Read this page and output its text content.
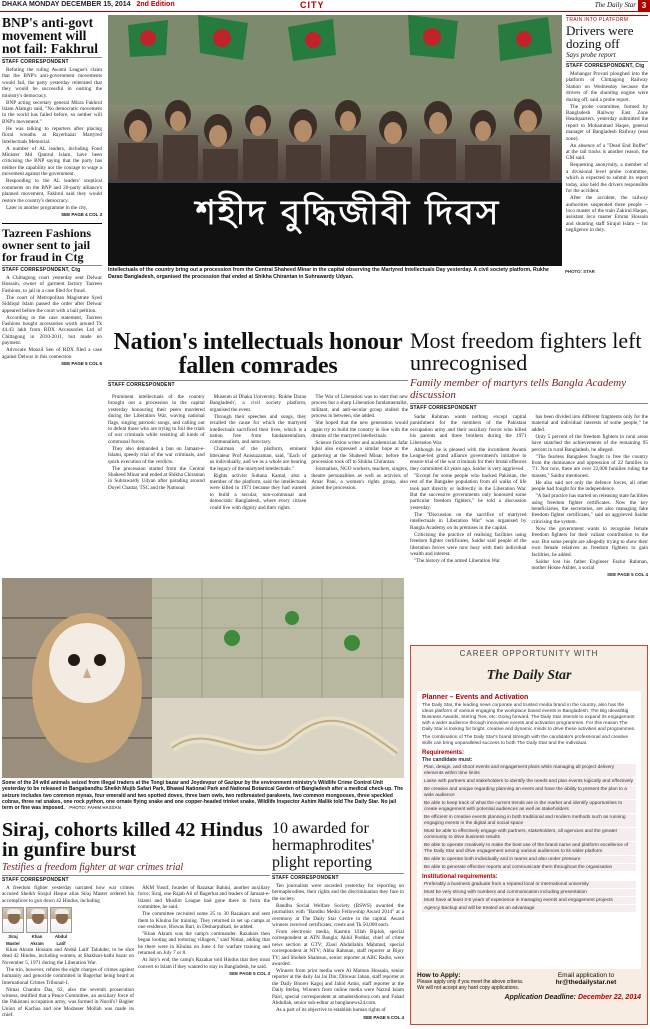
DHAKA MONDAY DECEMBER 15, 2014 2nd Edition	CITY	The Daily Star 3
BNP's anti-govt movement will not fail: Fakhrul
STAFF CORRESPONDENT

Refuting the ruling Awami League's claim that the BNP's anti-government movements would fail, the party yesterday reiterated that they would be successful in ousting the ministry's democracy.

BNP acting secretary general Mirza Fakhrul Islam Alamgir said, "No democratic movement in the world has failed before, so neither will BNP's movement."

He was talking to reporters after placing floral wreaths at Rayerbazar Martyred Intellectuals Memorial.

A number of AL leaders, including Food Minister Md Qamrul Islam, have been criticising the BNP saying that the party has neither the capability nor the courage to wage a movement against the government.

Responding to the AL leaders' sceptical comments on the BNP and 20-party alliance's planned movement, Fakhrul said they would restore the country's democracy.

Later in another programme in the city,

SEE PAGE 4 COL 3
Tazreen Fashions owner sent to jail for fraud in Ctg
STAFF CORRESPONDENT, Ctg

A Chittagong court yesterday sent Delwar Hossain, owner of garment factory Tazreen Fashions, to jail in a case filed for fraud.

The court of Metropolitan Magistrate Syed Siddiqul Islam passed the order after Delwar appeared before the court with a bail petition.

According to the case statement, Tazreen Fashions bought accessories worth around Tk 44.43 lakh from RDX Accessories Ltd of Chittagong in 2010-2011, but made no payment.

Advocate Monzil Sen of RDX filed a case against Delwar in this connection

SEE PAGE 5 COL 6
শহীদ বুদ্ধিজীবী দিবস
Intellectuals of the country bring out a procession from the Central Shaheed Minar in the capital observing the Martyred Intellectuals Day yesterday. A civil society platform, Rukhe Darao Bangladesh, organised the procession that ended at Shikha Chirantan in Suhrawardy Udyan.
PHOTO: STAR
TRAIN INTO PLATFORM
Drivers were dozing off
Says probe report
STAFF CORRESPONDENT, Ctg

Mohangar Provati ploughed into the platform of Chittagong Railway Station on Wednesday because the drivers of the shunting engine were dozing off, said a probe report.

The probe committee, formed by Bangladesh Railway East Zone Headquarters, yesterday submitted the report to Mohammad Haque, general manager of Bangladesh Railway (east zone).

An absence of a "Dead End Buffer" at the rail tracks is another reason, the GM said.

Requesting anonymity, a member of a divisional level probe committee, which is expected to submit its report today, also held the drivers responsible for the accident.

After the accident, the railway authorities suspended three people -- loco master of the train Zakirul Haque, assistant loco master Emran Hossain and shunting staff Sirajul Islam -- for negligence in duty.

Nation's intellectuals honour fallen comrades
STAFF CORRESPONDENT

Prominent intellectuals of the country brought out a procession in the capital yesterday honouring their peers murdered during the Liberation War, waving national flags, singing patriotic songs, and calling out to defeat those who are trying to foil the trials of war criminals while resisting all kinds of communal forces.

They also demanded a ban on Jamaat-e-Islami, speedy trial of the war criminals, and quick execution of the verdicts.

The procession started from the Central Shaheed Minar and ended at Shikha Chirantan in Suhrawardy Udyan after parading around Doyel Chattar, TSC and the National

Museum at Dhaka University. 'Rukhe Darao Bangladesh', a civil society platform, organised the event.

Through their speeches and songs, they recalled the cause for which the martyred intellectuals sacrificed their lives, which is a nation free from fundamentalism, communalism, and autocracy.

Chairman of the platform, eminent litterateur Prof Anisuzzaman, said, "Each of us individually, and we as a whole are bearing the legacy of the martyred intellectuals."

Rights activist Sultana Kamal, also a member of the platform, said the intellectuals were killed in 1971 because they had wanted to build a secular, non-communal and democratic Bangladesh, where every citizen could live with dignity and their rights.

The War of Liberation was to start that new process but a sharp Liberation fundamentalist, militant, and anti-secular group stalled the process in between, she added.

She hoped that the new generation would again try to build the country in line with the dreams of the martyred intellectuals.

Science fiction writer and academician Jafar Iqbal also expressed a similar hope at the gathering at the Shaheed Minar, before the procession took off to Shikha Chirantan.

Journalists, NGO workers, teachers, singers, theatre personalities as well as activists of Amar Pani, a women's rights group, also joined the procession.

Most freedom fighters left unrecognised
Family member of martyrs tells Bangla Academy discussion
STAFF CORRESPONDENT

Sadar Rahman wants nothing except capital punishment for the members of the Pakistani occupation army and their auxiliary forces who killed his parents and three brothers during the 1971 Liberation War.

Although he is pleased with the incumbent Awami League-led grand alliance government's initiative to ensure trial of the war criminals for their brutal offences they committed 43 years ago, Saidur is very aggrieved.

"Except for some people who backed Pakistan, the rest of the Bangalee population from all walks of life took part directly or indirectly in the Liberation War. But the successive governments only honoured some particular freedom fighters," he told a discussion yesterday.

The "Discussion on the sacrifice of martyred intellectuals in Liberation War" was organised by Bangla Academy on its premises in the capital.

Criticising the practice of realising facilities using freedom fighter certificates, Saidur said people of the liberation forces were now busy with their individual wealth and interest.

"The history of the armed Liberation War

has been divided into different fragments only for the material and individual interests of some people," he added.

Only 5 percent of the freedom fighters in rural areas have snatched the achievements of the remaining 95 percent in rural Bangladesh, he alleged.

"The fearless Bangalees fought to free the country from the dominance and oppression of 22 families in '71. Not now, there are over 22,000 families ruling the masses," Saidur mentioned.

He also said not only the defence forces, all other people had fought for the independence.

"A bad practice has started on releasing state facilities using freedom fighter certificates. Now the key beneficiaries, the secretaries, are also managing fake freedom fighter certificates," said an aggrieved Saidur criticising the system.

Now the government wants to recognise female freedom fighters for their valiant contribution to the war. But some people are allegedly trying to show their own female relatives as freedom fighters to gain facilities, he added.

Saidur lost his father Engineer Fazlur Rahman, mother Hosne Akhter, a social

SEE PAGE 5 COL 4
Some of the 24 wild animals seized from illegal traders at the Tongi bazar and Joydevpur of Gazipur by the environment ministry's Wildlife Crime Control Unit yesterday to be released in Bangabandhu Sheikh Mujib Safari Park, Bhawal National Park and National Botanical Garden of Bangladesh after a medical check-up. The seizure includes two common mynas, four emerald and two spotted doves, three barn owls, two redbreasted parakeets, two common mongooses, three speckled cobras, three rat snakes, one rock python, one ornate flying snake and one copper-headed trinket snake, Wildlife Inspector Ashim Mallik told The Daily Star. No jail term or fine was imposed. PHOTO: FAHIM HASSAN
Siraj, cohorts killed 42 Hindus in gunfire burst
Testifies a freedom fighter at war crimes trial
STAFF CORRESPONDENT

A freedom fighter yesterday narrated how war crimes accused Sheikh Sirajul Haque alias Siraj Master ordered his accomplices to gun down 42 Hindus, including

Siraj Master
Khan Akram
Abdul Latif

Khan Akram Hossain and Abdul Latif Talukder, to be shot dead 42 Hindus, including women, at Shakhari-kathi bazar on November 5, 1971 during the Liberation War.

The trio, however, refutes the eight charges of crimes against humanity and genocide committed in Bagerhat being heard at International Crimes Tribunal-1.

Nimai Chandra Das, 62, also the seventh prosecution witness, testified that a Peace Committee, an auxiliary force of the Pakistani occupation army, was formed in Nurdi's? Bagher Union of Kachua and one Modasser Mollah was made its chief.

AKM Yusuf, founder of Razakar Bahini, another auxiliary force; Siraj, one Rajab Ali of Bagerhat and leaders of Jamaat-e-Islami and Muslim League had gone there to form the committee, he said.

The committee recruited some 25 to 30 Razakars and sent them to Khulna for training. They returned to set up camps at one residence, Biswas Bari, in Desharpulkati, he added.

"Khan Akram was the camp's commander. Razakars then began looting and torturing villagers," said Nimai, adding that he there were in Khulna on June 4 for warfare training and returned on July 7 or 8.

At July's end, the camp's Razakar told Hindus that they must convert to Islam if they wanted to stay in Bangladesh, he said.

SEE PAGE 5 COL 3
10 awarded for hermaphrodites' plight reporting
STAFF CORRESPONDENT

Ten journalists were awarded yesterday for reporting on hermaphrodites, their rights and the discrimination they face in the society.

Bandhu Social Welfare Society (BSWS) awarded the journalists with "Bandhu Media Fellowship Award 2014" at a ceremony at The Daily Star Centre in the capital. Award winners received certificates, crests and Tk 50,000 each.

From electronic media, Kasmin Ullah Biplob, special correspondent at ATN Bangla; Akhil Poddar, chief of crime news section at GTV; Ziaul Abdullahin Mahmud, special correspondent at NTV; Abba Rahman, staff reporter at Bijoy TV; and Shoheb Shamsun, senior reporter at ABC Radio, were awarded.

Winners from print media were Al Mamun Hossain, senior reporter at the daily Jai Jai Din; Dilowar Jahan, staff reporter at the Daily Bhorer Kagoj and Jahid Amin, staff reporter at the Daily Ittefaq. Winners from online media were Nazrul Islam Pairi, special correspondent at amadershomoy.com and Fahad Abdullah, senior sub-editor at banglanews24.com.

As a part of its objective to establish human rights of

SEE PAGE 5 COL 4
CAREER OPPORTUNITY WITH
The Daily Star
Planner – Events and Activation
The Daily Star, the leading news corporate and trusted media brand in the country, also has the ideas platform of various engaging the workplace based events in Bangladesh. The Big Ideas/Big Business Awards, Stirring Ties, etc. Going forward, The Daily Star intends to expand its engagement with a wider audience through innovative events and activation programmes. For this reason The Daily Star is looking for bright, creative and dynamic minds to drive these activities and programmes.
The combination of The Daily Star's brand strength with the candidate's professional and creative skills can bring unparalleled success to both The Daily Star and the individual.
Requirements:
The candidate must:
Plan, design, and shoot events and engagement plans while managing all project delivery elements within time limits
Liaise with partners and stakeholders to identify the needs and plan events logically and effectively
Be creative and unique regarding planning an event and have the ability to present the plan to a wide audience
Be able to keep track of what the current trends are in the market and identify opportunities to create engagement with potential audiences as well as stakeholders
Be efficient in creative events planning in both traditional and modern methods such as running engaging events in the digital and social space
Must be able to effectively engage with partners, stakeholders, all agencies and the greater community to drive business results
Be able to operate creatively to make the best use of the brand name and platform excellence of The Daily Star and drive engagement among various audiences to its wider platform
Be able to operate both individually and in teams and also under pressure
Be able to generate effective reports and communicate them throughout the organisation
Institutional requirements:
Preferably a business graduate from a reputed local or international university
Must be very strong with numbers and communication including presentation
Must have at least 3-5 years of experience in managing events and engagement projects
Agency Backup and will be treated as an advantage
How to Apply:
Please apply only if you meet the above criteria. We will not accept any hard copy applications.
Email application to
hr@thedailystar.net
Application Deadline: December 22, 2014
